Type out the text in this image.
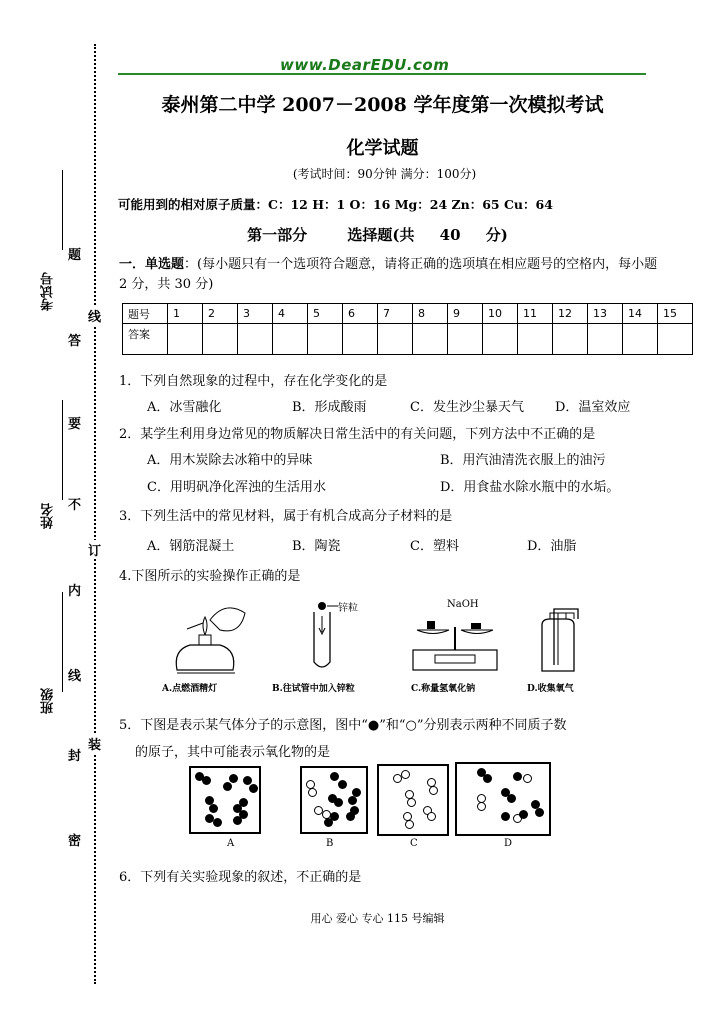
考试号
姓名
班级
题
答
要
不
内
线
封
密
线
订
装
www.DearEDU.com
泰州第二中学 2007－2008 学年度第一次模拟考试
化学试题
(考试时间：90分钟 满分：100分)
可能用到的相对原子质量：C：12 H：1 O：16 Mg：24 Zn：65 Cu：64
第一部分　 选择题(共 40 分)
一．单选题：(每小题只有一个选项符合题意，请将正确的选项填在相应题号的空格内，每小题 2 分，共 30 分)
题号	1	2	3	4	5	6	7	8	9	10	11	12	13	14	15
答案															
1．下列自然现象的过程中，存在化学变化的是
A．冰雪融化	B．形成酸雨	C．发生沙尘暴天气 D．温室效应
2．某学生利用身边常见的物质解决日常生活中的有关问题，下列方法中不正确的是
A．用木炭除去冰箱中的异味	B．用汽油清洗衣服上的油污
C．用明矾净化浑浊的生活用水	D．用食盐水除水瓶中的水垢。
3．下列生活中的常见材料，属于有机合成高分子材料的是
A．钢筋混凝土	B．陶瓷	C．塑料	D．油脂
4.下图所示的实验操作正确的是
A.点燃酒精灯
锌粒
B.往试管中加入锌粒
NaOH
C.称量氢氧化钠	D.收集氧气
5．下图是表示某气体分子的示意图，图中“●”和“○”分别表示两种不同质子数
的原子，其中可能表示氧化物的是
A	B	C	D
6．下列有关实验现象的叙述，不正确的是
用心 爱心 专心 115 号编辑
